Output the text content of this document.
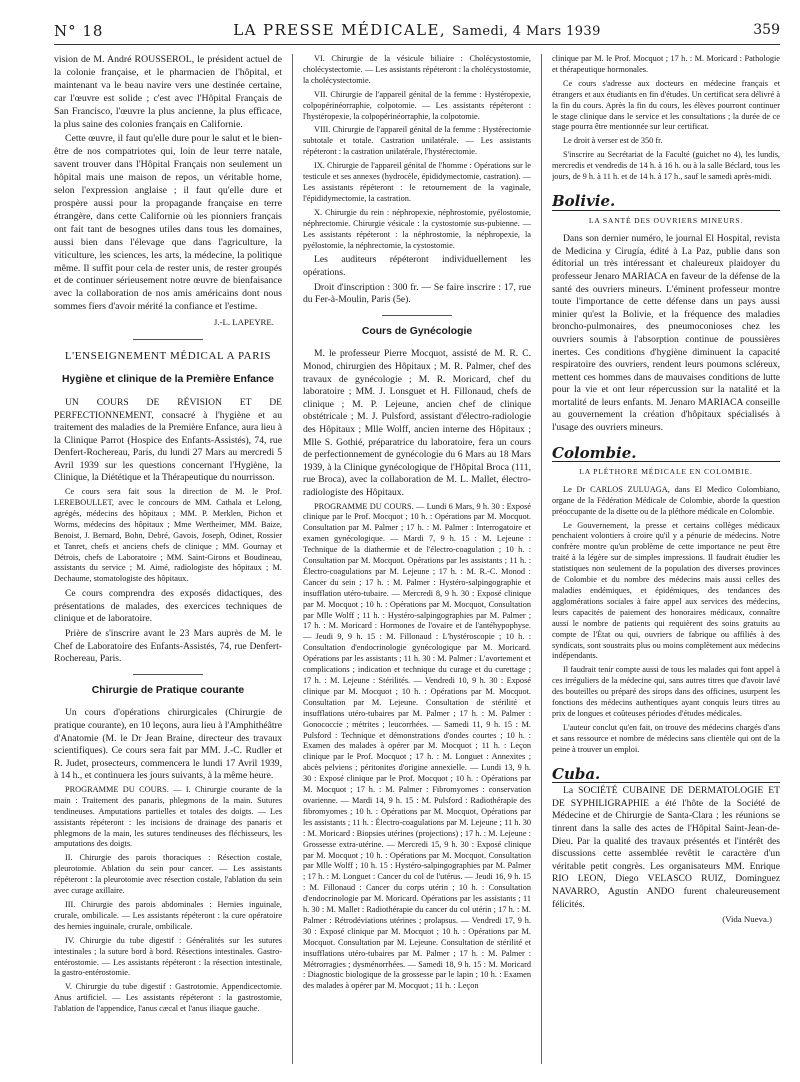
N° 18	LA PRESSE MÉDICALE, Samedi, 4 Mars 1939	359

vision de M. André ROUSSEROL, le président actuel de la colonie française, et le pharmacien de l'hôpital, et maintenant va le beau navire vers une destinée certaine, car l'œuvre est solide ; c'est avec l'Hôpital Français de San Francisco, l'œuvre la plus ancienne, la plus efficace, la plus saine des colonies français en Californie.

Cette œuvre, il faut qu'elle dure pour le salut et le bien-être de nos compatriotes qui, loin de leur terre natale, savent trouver dans l'Hôpital Français non seulement un hôpital mais une maison de repos, un véritable home, selon l'expression anglaise ; il faut qu'elle dure et prospère aussi pour la propagande française en terre étrangère, dans cette Californie où les pionniers français ont fait tant de besognes utiles dans tous les domaines, aussi bien dans l'élevage que dans l'agriculture, la viticulture, les sciences, les arts, la médecine, la politique même. Il suffit pour cela de rester unis, de rester groupés et de continuer sérieusement notre œuvre de bienfaisance avec la collaboration de nos amis américains dont nous sommes fiers d'avoir mérité la confiance et l'estime.

J.-L. LAPEYRE.
L'ENSEIGNEMENT MÉDICAL A PARIS
Hygiène et clinique de la Première Enfance

UN COURS DE RÉVISION ET DE PERFECTIONNEMENT, consacré à l'hygiène et au traitement des maladies de la Première Enfance, aura lieu à la Clinique Parrot (Hospice des Enfants-Assistés), 74, rue Denfert-Rochereau, Paris, du lundi 27 Mars au mercredi 5 Avril 1939 sur les questions concernant l'Hygiène, la Clinique, la Diététique et la Thérapeutique du nourrisson.

Ce cours sera fait sous la direction de M. le Prof. LEREBOULLET, avec le concours de MM. Cathala et Lelong, agrégés, médecins des hôpitaux ; MM. P. Merklen, Pichon et Worms, médecins des hôpitaux ; Mme Wertheimer, MM. Baize, Benoist, J. Bernard, Bohn, Debré, Gavois, Joseph, Odinet, Rossier et Tanret, chefs et anciens chefs de clinique ; MM. Gournay et Détrois, chefs de Laboratoire ; MM. Saint-Girons et Boudineau, assistants du service ; M. Aimé, radiologiste des hôpitaux ; M. Dechaume, stomatologiste des hôpitaux.

Ce cours comprendra des exposés didactiques, des présentations de malades, des exercices techniques de clinique et de laboratoire.

Prière de s'inscrire avant le 23 Mars auprès de M. le Chef de Laboratoire des Enfants-Assistés, 74, rue Denfert-Rochereau, Paris.

Chirurgie de Pratique courante

Un cours d'opérations chirurgicales (Chirurgie de pratique courante), en 10 leçons, aura lieu à l'Amphithéâtre d'Anatomie (M. le Dr Jean Braine, directeur des travaux scientifiques). Ce cours sera fait par MM. J.-C. Rudler et R. Judet, prosecteurs, commencera le lundi 17 Avril 1939, à 14 h., et continuera les jours suivants, à la même heure.

PROGRAMME DU COURS. — I. Chirurgie courante de la main : Traitement des panaris, phlegmons de la main. Sutures tendineuses. Amputations partielles et totales des doigts. — Les assistants répéteront : les incisions de drainage des panaris et phlegmons de la main, les sutures tendineuses des fléchisseurs, les amputations des doigts.

II. Chirurgie des parois thoraciques : Résection costale, pleurotomie. Ablation du sein pour cancer. — Les assistants répéteront : la pleurotomie avec résection costale, l'ablation du sein avec curage axillaire.

III. Chirurgie des parois abdominales : Hernies inguinale, crurale, ombilicale. — Les assistants répéteront : la cure opératoire des hernies inguinale, crurale, ombilicale.

IV. Chirurgie du tube digestif : Généralités sur les sutures intestinales ; la suture bord à bord. Résections intestinales. Gastro-entérostomie. — Les assistants répéteront : la résection intestinale, la gastro-entérostomie.

V. Chirurgie du tube digestif : Gastrotomie. Appendicectomie. Anus artificiel. — Les assistants répéteront : la gastrostomie, l'ablation de l'appendice, l'anus cæcal et l'anus iliaque gauche.

VI. Chirurgie de la vésicule biliaire : Cholécystostomie, cholécystectomie. — Les assistants répéteront : la cholécystostomie, la cholécystectomie.

VII. Chirurgie de l'appareil génital de la femme : Hystéropexie, colpopérinéorraphie, colpotomie. — Les assistants répéteront : l'hystéropexie, la colpopérinéorraphie, la colpotomie.

VIII. Chirurgie de l'appareil génital de la femme : Hystérectomie subtotale et totale. Castration unilatérale. — Les assistants répéteront : la castration unilatérale, l'hystérectomie.

IX. Chirurgie de l'appareil génital de l'homme : Opérations sur le testicule et ses annexes (hydrocèle, épididymectomie, castration). — Les assistants répéteront : le retournement de la vaginale, l'épididymectomie, la castration.

X. Chirurgie du rein : néphropexie, néphrostomie, pyélostomie, néphrectomie. Chirurgie vésicale : la cystostomie sus-pubienne. — Les assistants répéteront : la néphrostomie, la néphropexie, la pyélostomie, la néphrectomie, la cystostomie.

Les auditeurs répéteront individuellement les opérations.

Droit d'inscription : 300 fr. — Se faire inscrire : 17, rue du Fer-à-Moulin, Paris (5e).

Cours de Gynécologie

M. le professeur Pierre Mocquot, assisté de M. R. C. Monod, chirurgien des Hôpitaux ; M. R. Palmer, chef des travaux de gynécologie ; M. R. Moricard, chef du laboratoire ; MM. J. Lonsguet et H. Fillonaud, chefs de clinique ; M. P. Lejeune, ancien chef de clinique obstétricale ; M. J. Pulsford, assistant d'électro-radiologie des Hôpitaux ; Mlle Wolff, ancien interne des Hôpitaux ; Mlle S. Gothié, préparatrice du laboratoire, fera un cours de perfectionnement de gynécologie du 6 Mars au 18 Mars 1939, à la Clinique gynécologique de l'Hôpital Broca (111, rue Broca), avec la collaboration de M. L. Mallet, électro-radiologiste des Hôpitaux.

PROGRAMME DU COURS. — Lundi 6 Mars, 9 h. 30 : Exposé clinique par le Prof. Mocquot ; 10 h. : Opérations par M. Mocquot. Consultation par M. Palmer ; 17 h. : M. Palmer : Interrogatoire et examen gynécologique. — Mardi 7, 9 h. 15 : M. Lejeune : Technique de la diathermie et de l'électro-coagulation ; 10 h. : Consultation par M. Mocquot. Opérations par les assistants ; 11 h. : Électro-coagulations par M. Lejeune ; 17 h. : M. R.-C. Monod : Cancer du sein ; 17 h. : M. Palmer : Hystéro-salpingographie et insufflation utéro-tubaire. — Mercredi 8, 9 h. 30 : Exposé clinique par M. Mocquot ; 10 h. : Opérations par M. Mocquot, Consultation par Mlle Wolff ; 11 h. : Hystéro-salpingographies par M. Palmer ; 17 h. : M. Moricard : Hormones de l'ovaire et de l'antéhypophyse. — Jeudi 9, 9 h. 15 : M. Fillonaud : L'hystéroscopie ; 10 h. : Consultation d'endocrinologie gynécologique par M. Moricard. Opérations par les assistants ; 11 h. 30 : M. Palmer : L'avortement et complications ; indication et technique du curage et du curettage ; 17 h. : M. Lejeune : Stérilités. — Vendredi 10, 9 h. 30 : Exposé clinique par M. Mocquot ; 10 h. : Opérations par M. Mocquot. Consultation par M. Lejeune. Consultation de stérilité et insufflations utéro-tubaires par M. Palmer ; 17 h. : M. Palmer : Gonococcie ; métrites ; leucorrhées. — Samedi 11, 9 h. 15 : M. Pulsford : Technique et démonstrations d'ondes courtes ; 10 h. : Examen des malades à opérer par M. Mocquot ; 11 h. : Leçon clinique par le Prof. Mocquot ; 17 h. : M. Longuet : Annexites ; abcès pelviens ; péritonites d'origine annexielle. — Lundi 13, 9 h. 30 : Exposé clinique par le Prof. Mocquot ; 10 h. : Opérations par M. Mocquot ; 17 h. : M. Palmer : Fibromyomes : conservation ovarienne. — Mardi 14, 9 h. 15 : M. Pulsford : Radiothérapie des fibromyomes ; 10 h. : Opérations par M. Mocquot, Opérations par les assistants ; 11 h. : Électro-coagulations par M. Lejeune ; 11 h. 30 : M. Moricard : Biopsies utérines (projections) ; 17 h. : M. Lejeune : Grossesse extra-utérine. — Mercredi 15, 9 h. 30 : Exposé clinique par M. Mocquot ; 10 h. : Opérations par M. Mocquot. Consultation par Mlle Wolff ; 10 h. 15 : Hystéro-salpingographies par M. Palmer ; 17 h. : M. Longuet : Cancer du col de l'utérus. — Jeudi 16, 9 h. 15 : M. Fillonaud : Cancer du corps utérin ; 10 h. : Consultation d'endocrinologie par M. Moricard. Opérations par les assistants ; 11 h. 30 : M. Mallet : Radiothérapie du cancer du col utérin ; 17 h. : M. Palmer : Rétrodéviations utérines ; prolapsus. — Vendredi 17, 9 h. 30 : Exposé clinique par M. Mocquot ; 10 h. : Opérations par M. Mocquot. Consultation par M. Lejeune. Consultation de stérilité et insufflations utéro-tubaires par M. Palmer ; 17 h. : M. Palmer : Métrorragies ; dysménorrhées. — Samedi 18, 9 h. 15 : M. Moricard : Diagnostic biologique de la grossesse par le lapin ; 10 h. : Examen des malades à opérer par M. Mocquot ; 11 h. : Leçon

clinique par M. le Prof. Mocquot ; 17 h. : M. Moricard : Pathologie et thérapeutique hormonales.

Ce cours s'adresse aux docteurs en médecine français et étrangers et aux étudiants en fin d'études. Un certificat sera délivré à la fin du cours. Après la fin du cours, les élèves pourront continuer le stage clinique dans le service et les consultations ; la durée de ce stage pourra être mentionnée sur leur certificat.

Le droit à verser est de 350 fr.

S'inscrire au Secrétariat de la Faculté (guichet no 4), les lundis, mercredis et vendredis de 14 h. à 16 h. ou à la salle Béclard, tous les jours, de 9 h. à 11 h. et de 14 h. à 17 h., sauf le samedi après-midi.

Bolivie.
LA SANTÉ DES OUVRIERS MINEURS.

Dans son dernier numéro, le journal El Hospital, revista de Medicina y Cirugía, édité à La Paz, publie dans son éditorial un très intéressant et chaleureux plaidoyer du professeur Jenaro MARIACA en faveur de la défense de la santé des ouvriers mineurs. L'éminent professeur montre toute l'importance de cette défense dans un pays aussi minier qu'est la Bolivie, et la fréquence des maladies broncho-pulmonaires, des pneumoconioses chez les ouvriers soumis à l'absorption continue de poussières inertes. Ces conditions d'hygiène diminuent la capacité respiratoire des ouvriers, rendent leurs poumons scléreux, mettent ces hommes dans de mauvaises conditions de lutte pour la vie et ont leur répercussion sur la natalité et la mortalité de leurs enfants. M. Jenaro MARIACA conseille au gouvernement la création d'hôpitaux spécialisés à l'usage des ouvriers mineurs.

Colombie.
LA PLÉTHORE MÉDICALE EN COLOMBIE.

Le Dr CARLOS ZULUAGA, dans El Medico Colombiano, organe de la Fédération Médicale de Colombie, aborde la question préoccupante de la disette ou de la pléthore médicale en Colombie.

Le Gouvernement, la presse et certains collèges médicaux penchaient volontiers à croire qu'il y a pénurie de médecins. Notre confrère montre qu'un problème de cette importance ne peut être traité à la légère sur de simples impressions. Il faudrait étudier les statistiques non seulement de la population des diverses provinces de Colombie et du nombre des médecins mais aussi celles des maladies endémiques, et épidémiques, des tendances des agglomérations sociales à faire appel aux services des médecins, leurs capacités de paiement des honoraires médicaux, connaître aussi le nombre de patients qui requièrent des soins gratuits au compte de l'État ou qui, ouvriers de fabrique ou affiliés à des syndicats, sont soustraits plus ou moins complètement aux médecins indépendants.

Il faudrait tenir compte aussi de tous les malades qui font appel à ces irréguliers de la médecine qui, sans autres titres que d'avoir lavé des bouteilles ou préparé des sirops dans des officines, usurpent les fonctions des médecins authentiques ayant conquis leurs titres au prix de longues et coûteuses périodes d'études médicales.

L'auteur conclut qu'en fait, on trouve des médecins chargés d'ans et sans ressource et nombre de médecins sans clientèle qui ont de la peine à trouver un emploi.

Cuba.

La SOCIÉTÉ CUBAINE DE DERMATOLOGIE ET DE SYPHILIGRAPHIE a été l'hôte de la Société de Médecine et de Chirurgie de Santa-Clara ; les réunions se tinrent dans la salle des actes de l'Hôpital Saint-Jean-de-Dieu. Par la qualité des travaux présentés et l'intérêt des discussions cette assemblée revêtit le caractère d'un véritable petit congrès. Les organisateurs MM. Enrique RIO LEON, Diego VELASCO RUIZ, Dominguez NAVARRO, Agustin ANDO furent chaleureusement félicités.

(Vida Nueva.)
